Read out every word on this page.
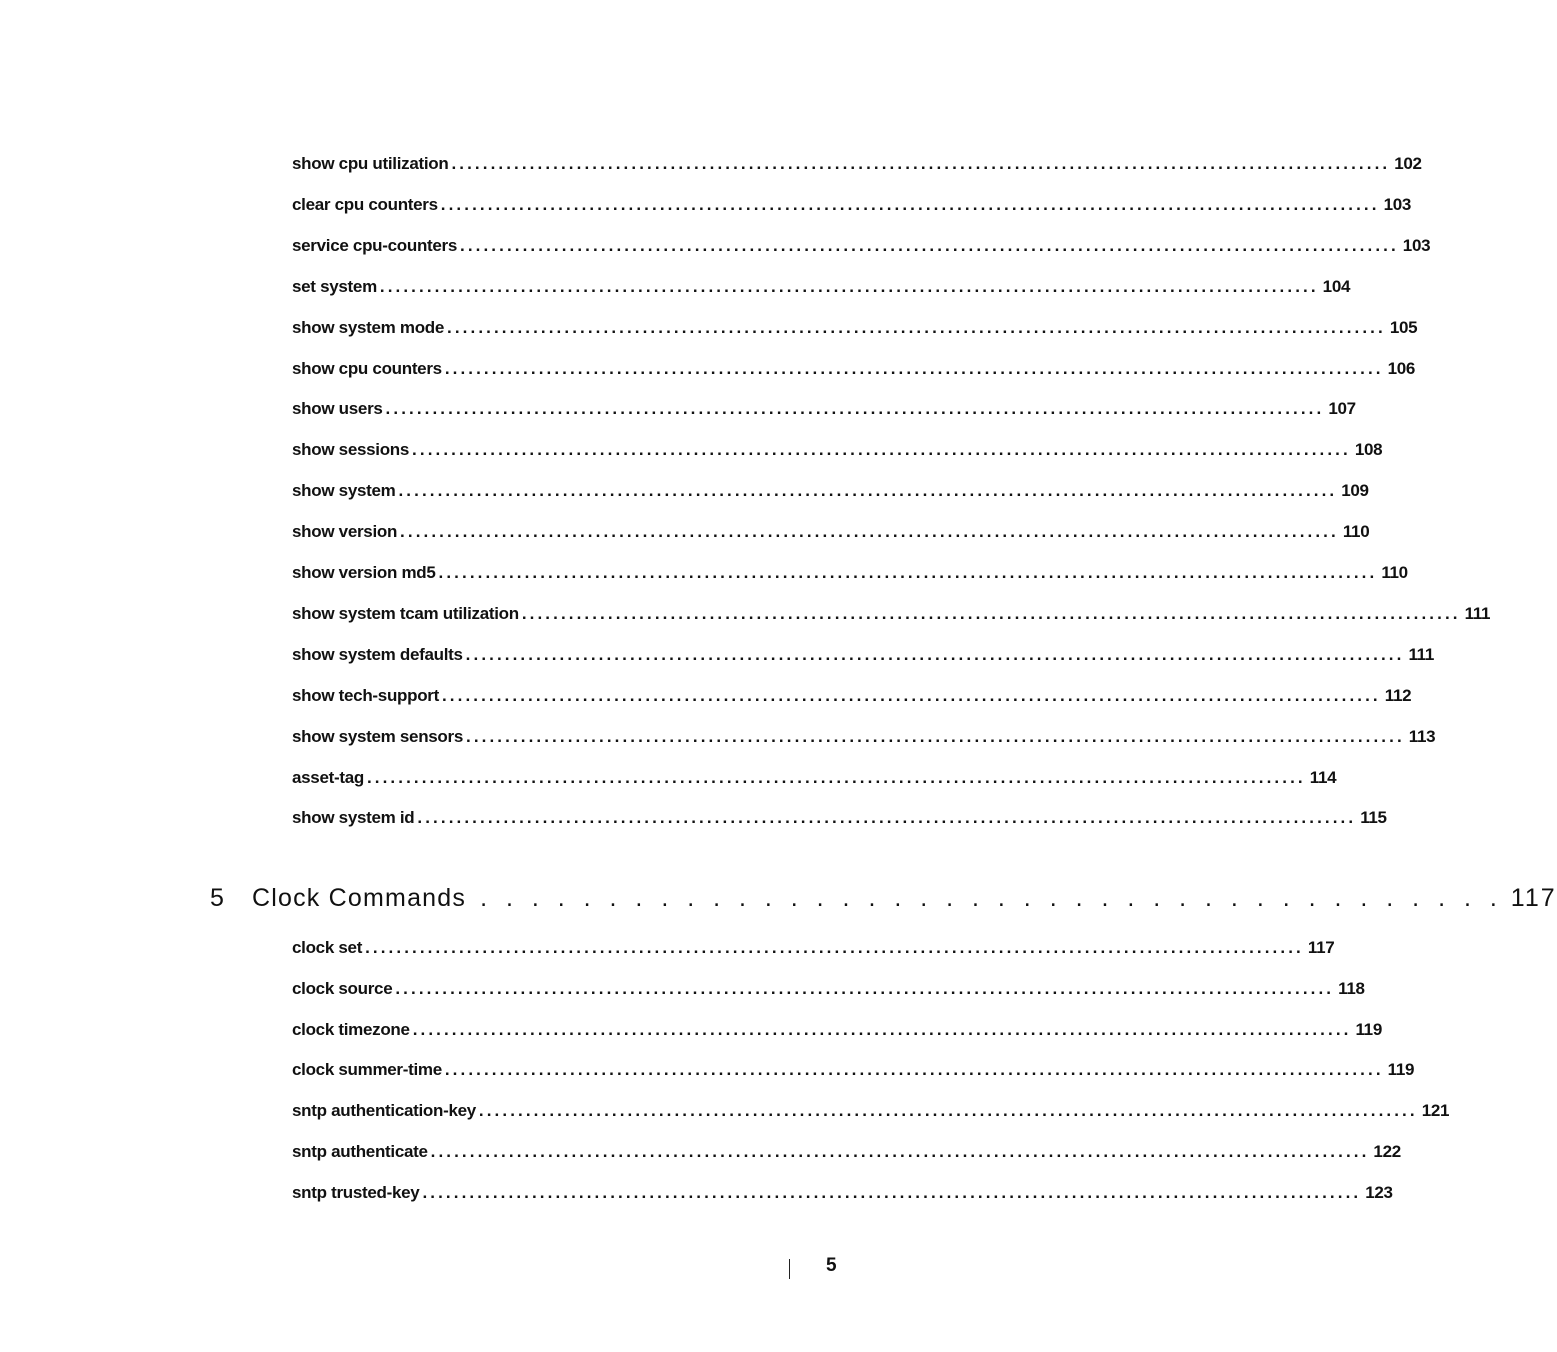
show cpu utilization ........................................................................................................................ 102
clear cpu counters ........................................................................................................................ 103
service cpu-counters ........................................................................................................................ 103
set system ........................................................................................................................ 104
show system mode ........................................................................................................................ 105
show cpu counters ........................................................................................................................ 106
show users ........................................................................................................................ 107
show sessions ........................................................................................................................ 108
show system ........................................................................................................................ 109
show version ........................................................................................................................ 110
show version md5 ........................................................................................................................ 110
show system tcam utilization ........................................................................................................................ 111
show system defaults ........................................................................................................................ 111
show tech-support ........................................................................................................................ 112
show system sensors ........................................................................................................................ 113
asset-tag ........................................................................................................................ 114
show system id ........................................................................................................................ 115
5	Clock Commands . . . . . . . . . . . . . . . . . . . . . . . . . . . . . . . . . . . . . . . . 117
clock set ........................................................................................................................ 117
clock source ........................................................................................................................ 118
clock timezone ........................................................................................................................ 119
clock summer-time ........................................................................................................................ 119
sntp authentication-key ........................................................................................................................ 121
sntp authenticate ........................................................................................................................ 122
sntp trusted-key ........................................................................................................................ 123
5
